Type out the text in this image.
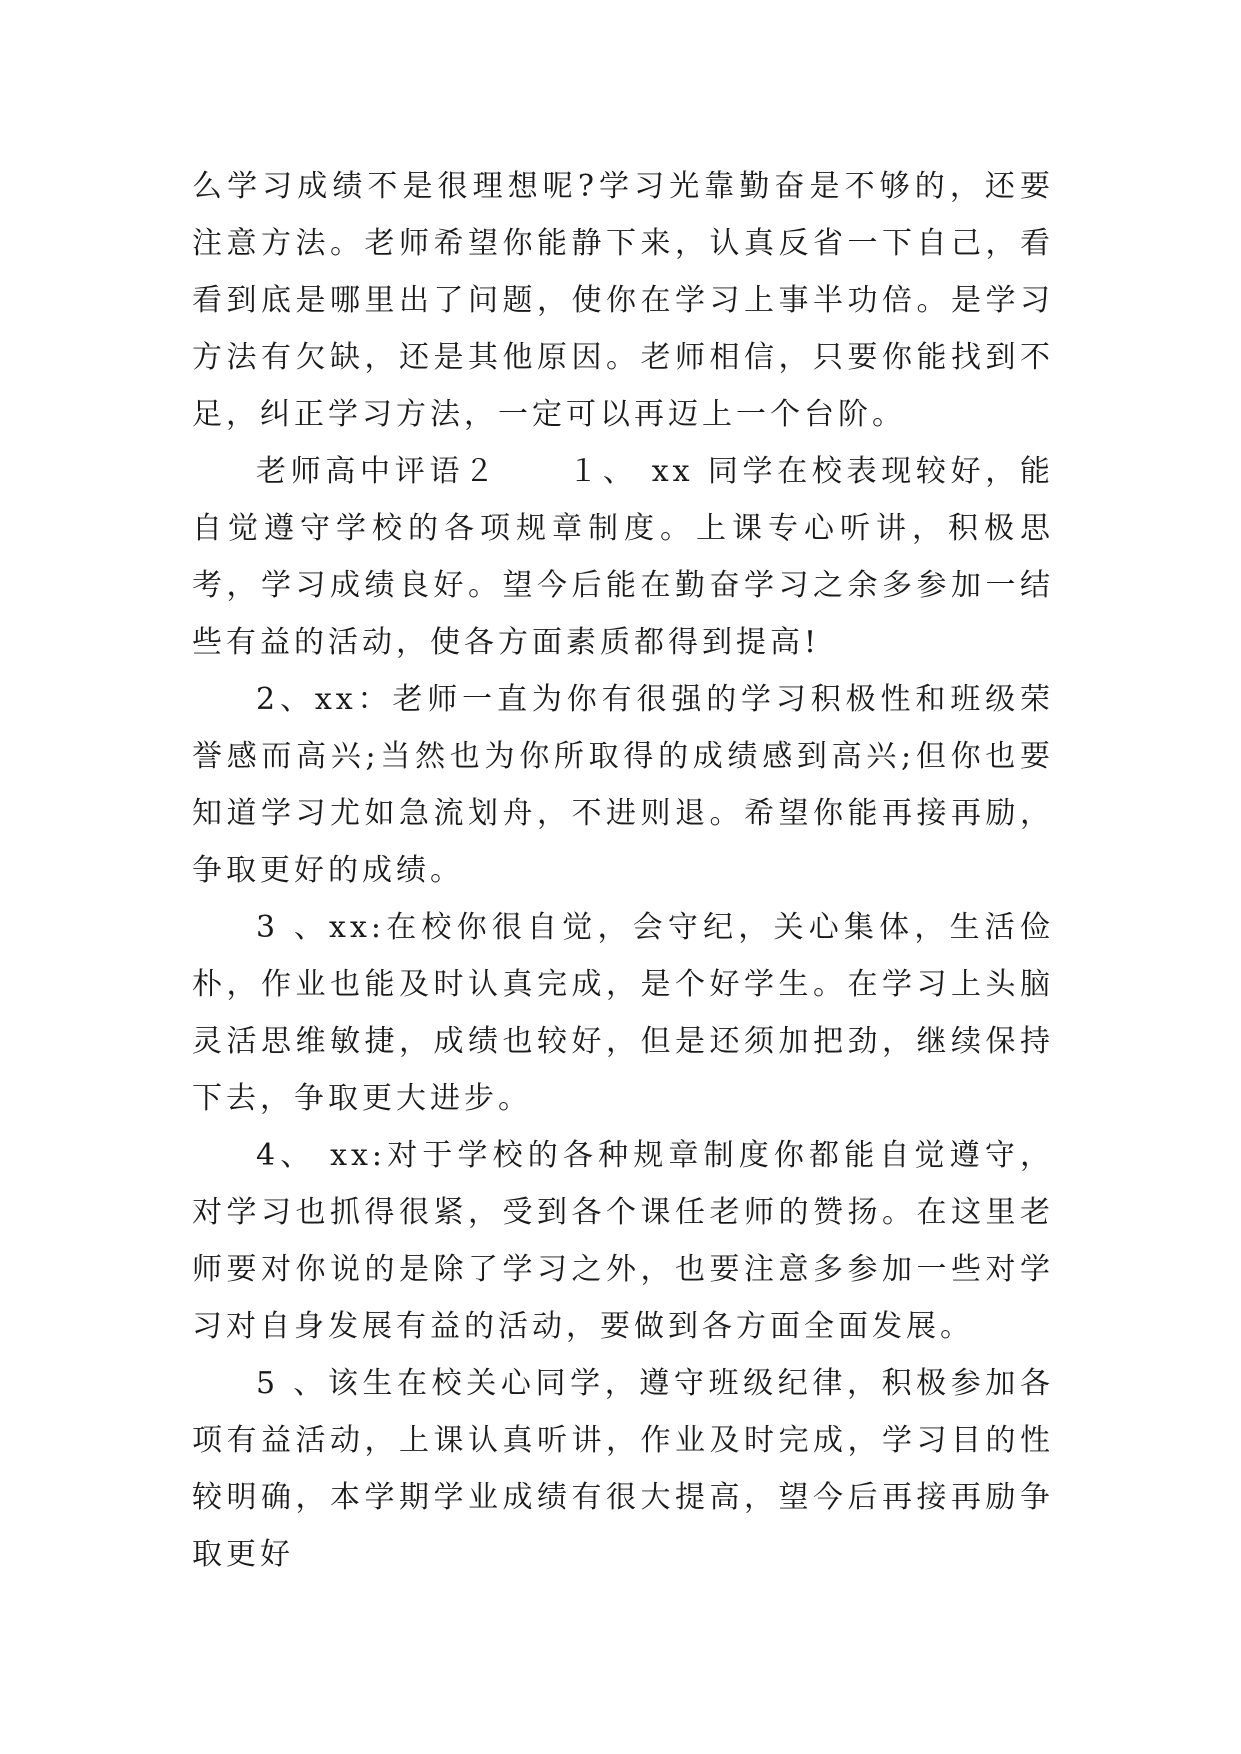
么学习成绩不是很理想呢?学习光靠勤奋是不够的，还要注意方法。老师希望你能静下来，认真反省一下自己，看看到底是哪里出了问题，使你在学习上事半功倍。是学习方法有欠缺，还是其他原因。老师相信，只要你能找到不足，纠正学习方法，一定可以再迈上一个台阶。

老师高中评语２　　１、 xx 同学在校表现较好，能自觉遵守学校的各项规章制度。上课专心听讲，积极思考，学习成绩良好。望今后能在勤奋学习之余多参加一结些有益的活动，使各方面素质都得到提高!

2、xx：老师一直为你有很强的学习积极性和班级荣誉感而高兴;当然也为你所取得的成绩感到高兴;但你也要知道学习尤如急流划舟，不进则退。希望你能再接再励，争取更好的成绩。

3 、xx:在校你很自觉，会守纪，关心集体，生活俭朴，作业也能及时认真完成，是个好学生。在学习上头脑灵活思维敏捷，成绩也较好，但是还须加把劲，继续保持下去，争取更大进步。

4、 xx:对于学校的各种规章制度你都能自觉遵守，对学习也抓得很紧，受到各个课任老师的赞扬。在这里老师要对你说的是除了学习之外，也要注意多参加一些对学习对自身发展有益的活动，要做到各方面全面发展。

5 、该生在校关心同学，遵守班级纪律，积极参加各项有益活动，上课认真听讲，作业及时完成，学习目的性较明确，本学期学业成绩有很大提高，望今后再接再励争取更好
